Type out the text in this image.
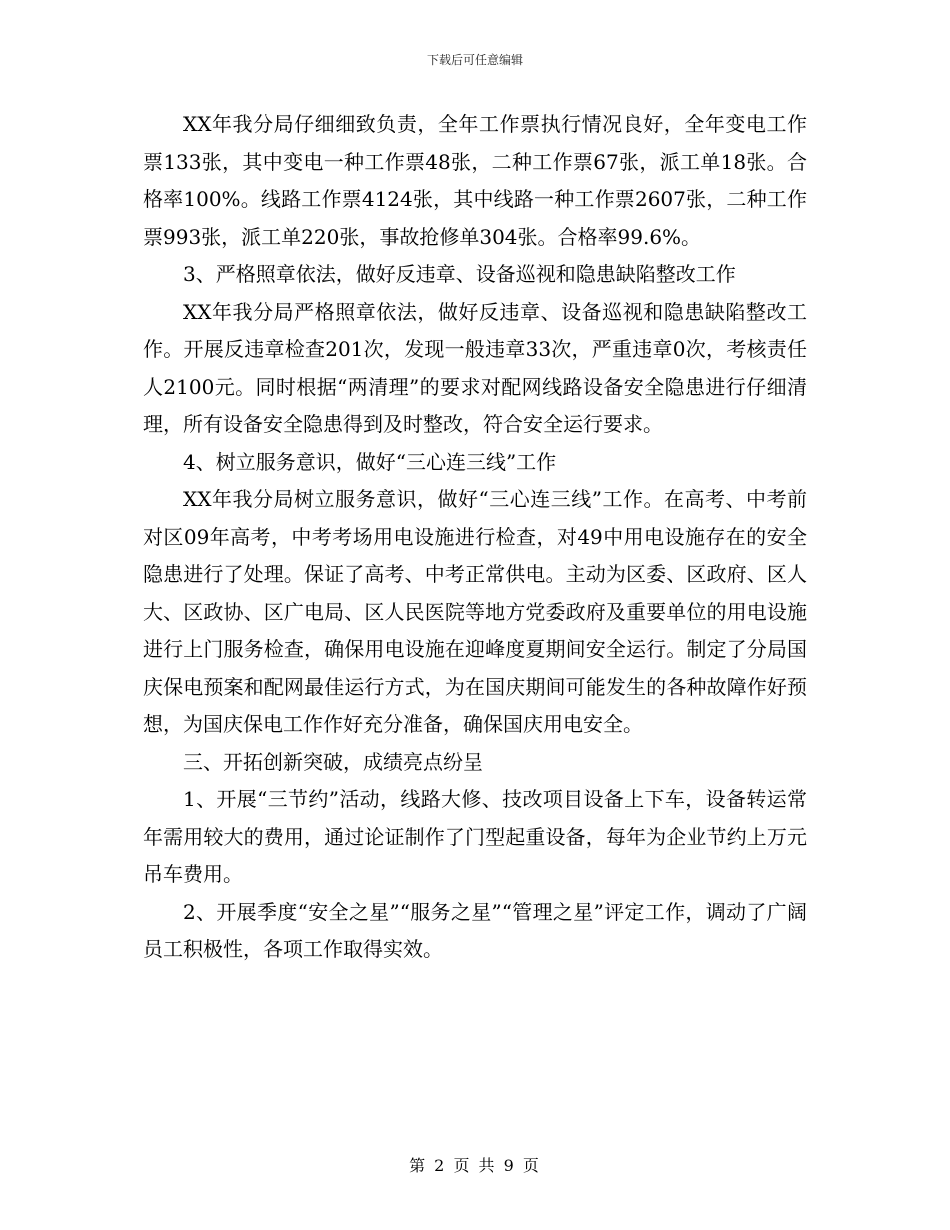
下载后可任意编辑

XX年我分局仔细细致负责，全年工作票执行情况良好，全年变电工作票133张，其中变电一种工作票48张，二种工作票67张，派工单18张。合格率100%。线路工作票4124张，其中线路一种工作票2607张，二种工作票993张，派工单220张，事故抢修单304张。合格率99.6%。

3、严格照章依法，做好反违章、设备巡视和隐患缺陷整改工作

XX年我分局严格照章依法，做好反违章、设备巡视和隐患缺陷整改工作。开展反违章检查201次，发现一般违章33次，严重违章0次，考核责任人2100元。同时根据“两清理”的要求对配网线路设备安全隐患进行仔细清理，所有设备安全隐患得到及时整改，符合安全运行要求。

4、树立服务意识，做好“三心连三线”工作

XX年我分局树立服务意识，做好“三心连三线”工作。在高考、中考前对区09年高考，中考考场用电设施进行检查，对49中用电设施存在的安全隐患进行了处理。保证了高考、中考正常供电。主动为区委、区政府、区人大、区政协、区广电局、区人民医院等地方党委政府及重要单位的用电设施进行上门服务检查，确保用电设施在迎峰度夏期间安全运行。制定了分局国庆保电预案和配网最佳运行方式，为在国庆期间可能发生的各种故障作好预想，为国庆保电工作作好充分准备，确保国庆用电安全。

三、开拓创新突破，成绩亮点纷呈

1、开展“三节约”活动，线路大修、技改项目设备上下车，设备转运常年需用较大的费用，通过论证制作了门型起重设备，每年为企业节约上万元吊车费用。

2、开展季度“安全之星”“服务之星”“管理之星”评定工作，调动了广阔员工积极性，各项工作取得实效。

第 2 页 共 9 页
